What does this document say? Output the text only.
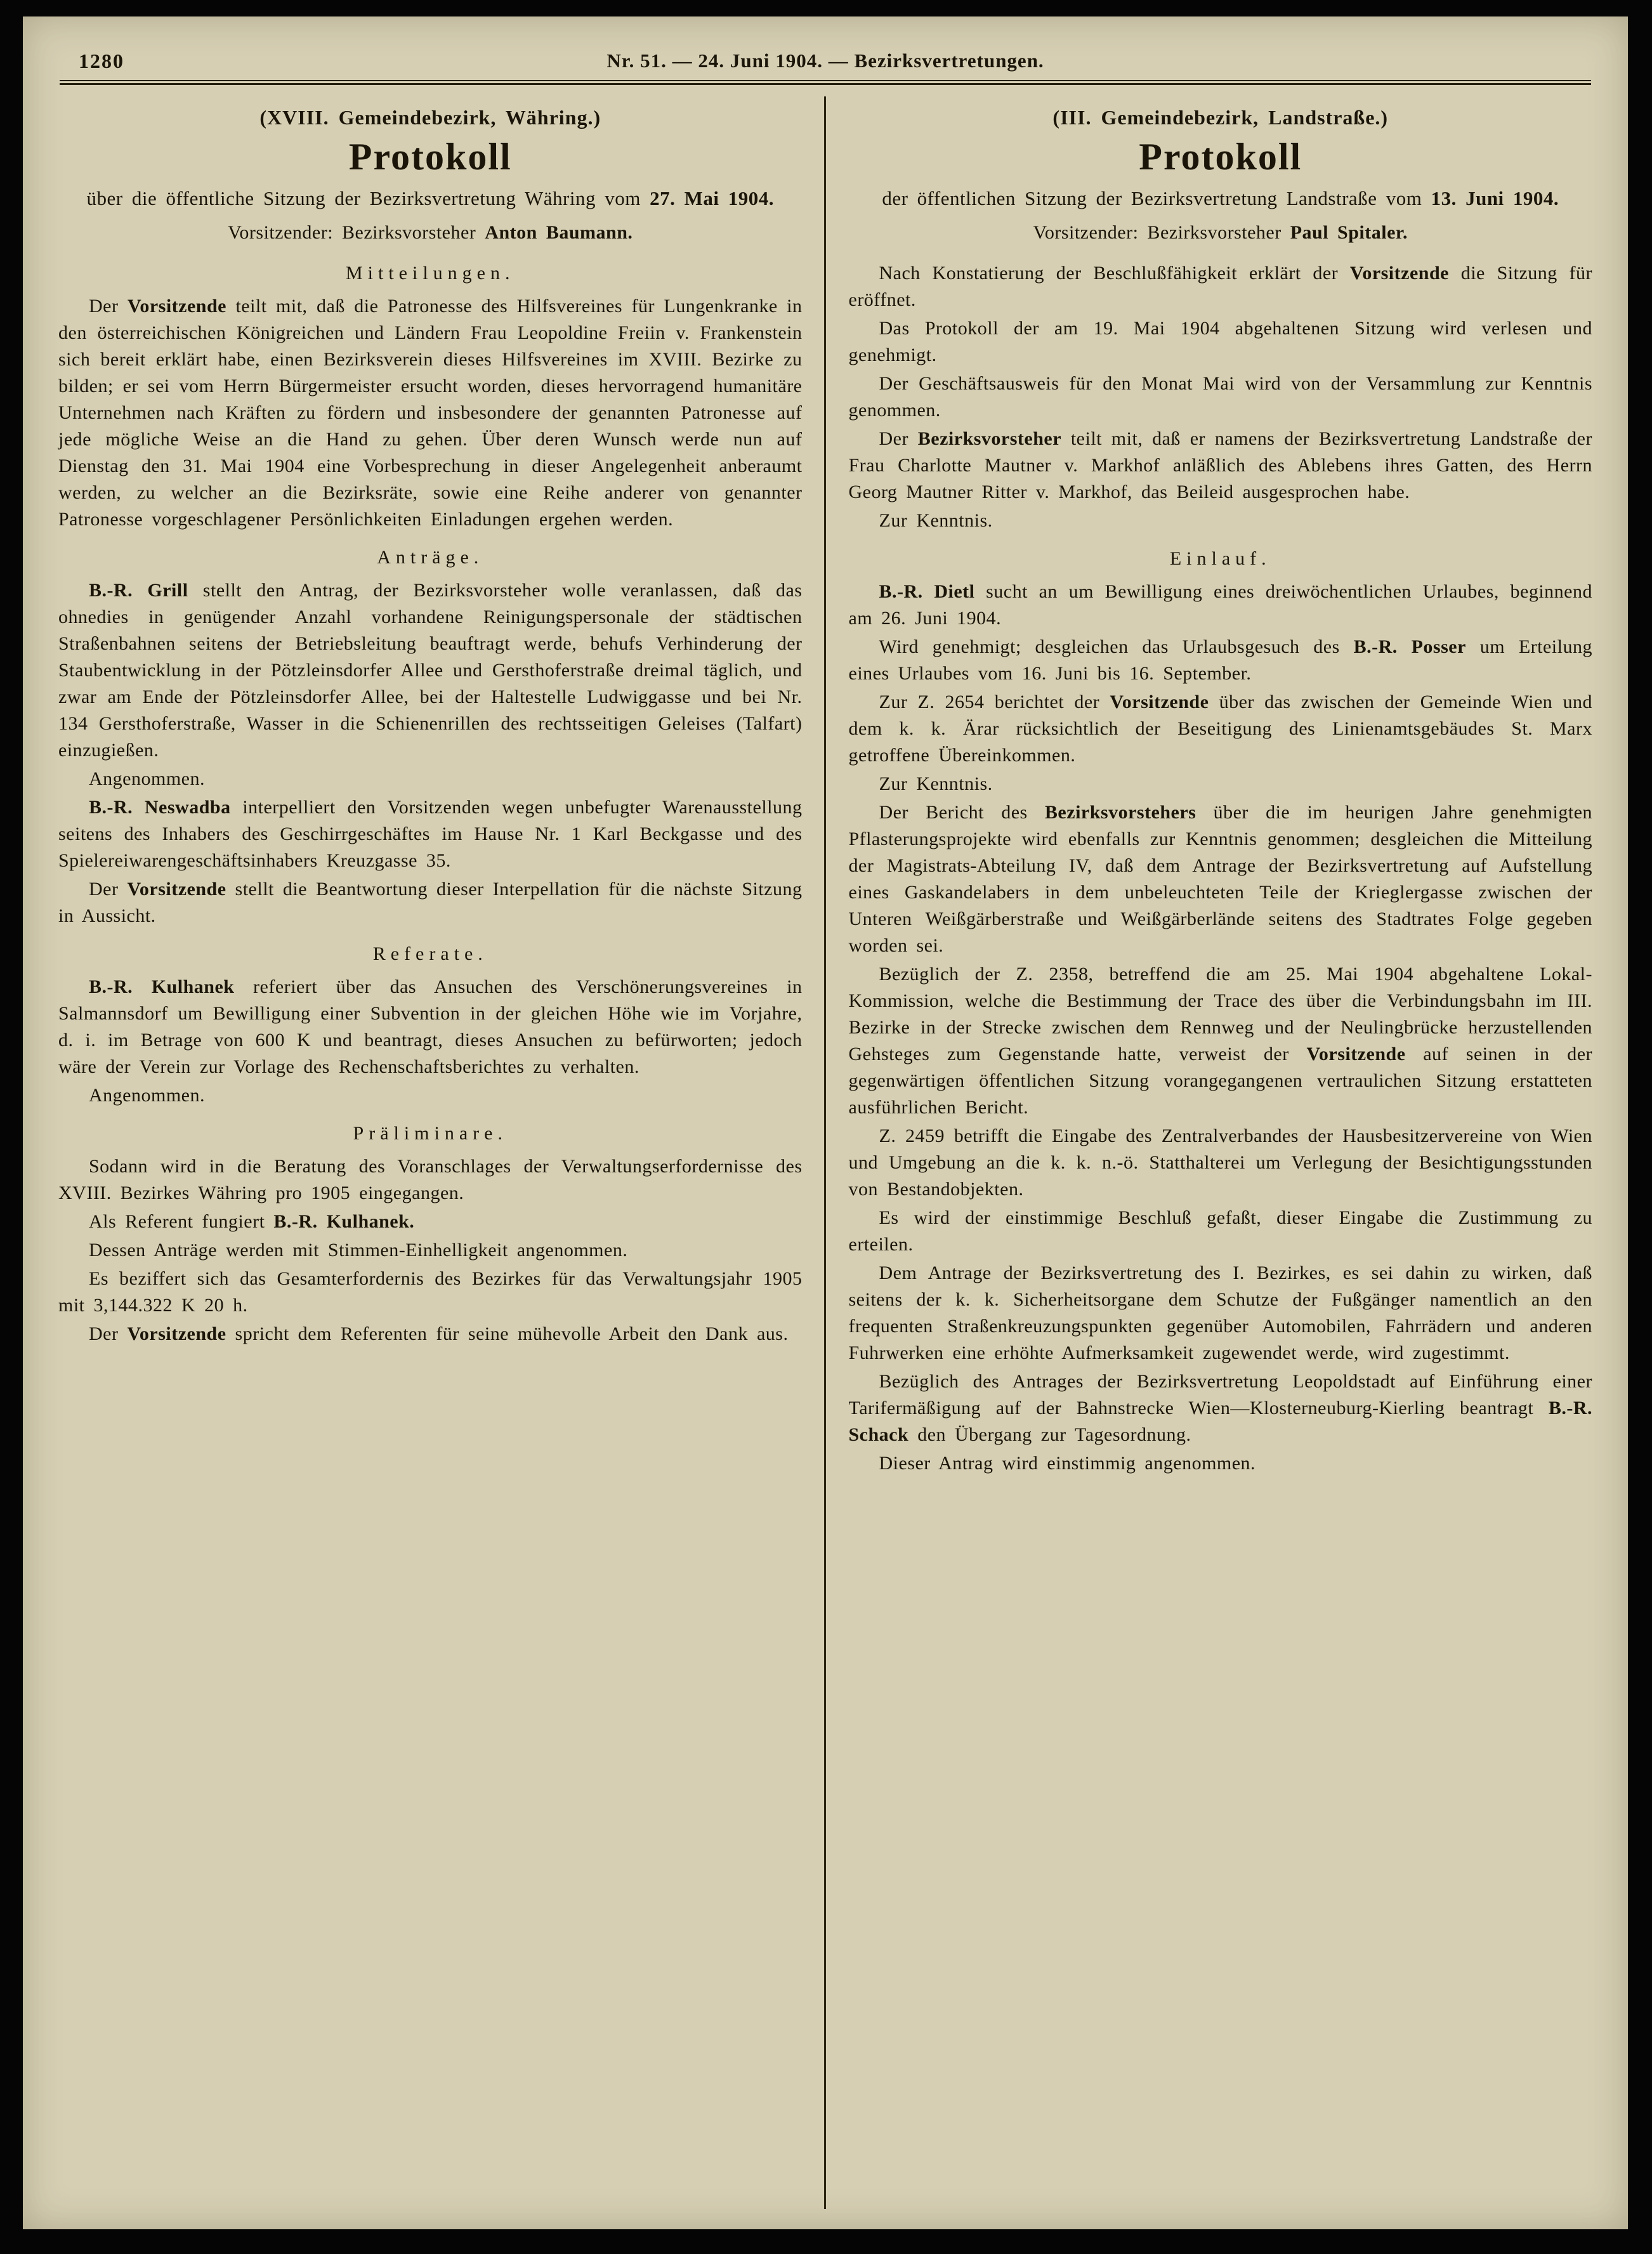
1280	Nr. 51. — 24. Juni 1904. — Bezirksvertretungen.
(XVIII. Gemeindebezirk, Währing.)
Protokoll
über die öffentliche Sitzung der Bezirksvertretung Währing vom 27. Mai 1904.
Vorsitzender: Bezirksvorsteher Anton Baumann.
Mitteilungen.

Der Vorsitzende teilt mit, daß die Patronesse des Hilfsvereines für Lungenkranke in den österreichischen Königreichen und Ländern Frau Leopoldine Freiin v. Frankenstein sich bereit erklärt habe, einen Bezirksverein dieses Hilfsvereines im XVIII. Bezirke zu bilden; er sei vom Herrn Bürgermeister ersucht worden, dieses hervorragend humanitäre Unternehmen nach Kräften zu fördern und insbesondere der genannten Patronesse auf jede mögliche Weise an die Hand zu gehen. Über deren Wunsch werde nun auf Dienstag den 31. Mai 1904 eine Vorbesprechung in dieser Angelegenheit anberaumt werden, zu welcher an die Bezirksräte, sowie eine Reihe anderer von genannter Patronesse vorgeschlagener Persönlichkeiten Einladungen ergehen werden.

Anträge.

B.-R. Grill stellt den Antrag, der Bezirksvorsteher wolle veranlassen, daß das ohnedies in genügender Anzahl vorhandene Reinigungspersonale der städtischen Straßenbahnen seitens der Betriebsleitung beauftragt werde, behufs Verhinderung der Staubentwicklung in der Pötzleinsdorfer Allee und Gersthoferstraße dreimal täglich, und zwar am Ende der Pötzleinsdorfer Allee, bei der Haltestelle Ludwiggasse und bei Nr. 134 Gersthoferstraße, Wasser in die Schienenrillen des rechtsseitigen Geleises (Talfart) einzugießen.

Angenommen.

B.-R. Neswadba interpelliert den Vorsitzenden wegen unbefugter Warenausstellung seitens des Inhabers des Geschirrgeschäftes im Hause Nr. 1 Karl Beckgasse und des Spielereiwarengeschäftsinhabers Kreuzgasse 35.

Der Vorsitzende stellt die Beantwortung dieser Interpellation für die nächste Sitzung in Aussicht.

Referate.

B.-R. Kulhanek referiert über das Ansuchen des Verschönerungsvereines in Salmannsdorf um Bewilligung einer Subvention in der gleichen Höhe wie im Vorjahre, d. i. im Betrage von 600 K und beantragt, dieses Ansuchen zu befürworten; jedoch wäre der Verein zur Vorlage des Rechenschaftsberichtes zu verhalten.

Angenommen.

Präliminare.

Sodann wird in die Beratung des Voranschlages der Verwaltungserfordernisse des XVIII. Bezirkes Währing pro 1905 eingegangen.

Als Referent fungiert B.-R. Kulhanek.

Dessen Anträge werden mit Stimmen-Einhelligkeit angenommen.

Es beziffert sich das Gesamterfordernis des Bezirkes für das Verwaltungsjahr 1905 mit 3,144.322 K 20 h.

Der Vorsitzende spricht dem Referenten für seine mühevolle Arbeit den Dank aus.

(III. Gemeindebezirk, Landstraße.)
Protokoll
der öffentlichen Sitzung der Bezirksvertretung Landstraße vom 13. Juni 1904.
Vorsitzender: Bezirksvorsteher Paul Spitaler.

Nach Konstatierung der Beschlußfähigkeit erklärt der Vorsitzende die Sitzung für eröffnet.

Das Protokoll der am 19. Mai 1904 abgehaltenen Sitzung wird verlesen und genehmigt.

Der Geschäftsausweis für den Monat Mai wird von der Versammlung zur Kenntnis genommen.

Der Bezirksvorsteher teilt mit, daß er namens der Bezirksvertretung Landstraße der Frau Charlotte Mautner v. Markhof anläßlich des Ablebens ihres Gatten, des Herrn Georg Mautner Ritter v. Markhof, das Beileid ausgesprochen habe.

Zur Kenntnis.

Einlauf.

B.-R. Dietl sucht an um Bewilligung eines dreiwöchentlichen Urlaubes, beginnend am 26. Juni 1904.

Wird genehmigt; desgleichen das Urlaubsgesuch des B.-R. Posser um Erteilung eines Urlaubes vom 16. Juni bis 16. September.

Zur Z. 2654 berichtet der Vorsitzende über das zwischen der Gemeinde Wien und dem k. k. Ärar rücksichtlich der Beseitigung des Linienamtsgebäudes St. Marx getroffene Übereinkommen.

Zur Kenntnis.

Der Bericht des Bezirksvorstehers über die im heurigen Jahre genehmigten Pflasterungsprojekte wird ebenfalls zur Kenntnis genommen; desgleichen die Mitteilung der Magistrats-Abteilung IV, daß dem Antrage der Bezirksvertretung auf Aufstellung eines Gaskandelabers in dem unbeleuchteten Teile der Krieglergasse zwischen der Unteren Weißgärberstraße und Weißgärberlände seitens des Stadtrates Folge gegeben worden sei.

Bezüglich der Z. 2358, betreffend die am 25. Mai 1904 abgehaltene Lokal-Kommission, welche die Bestimmung der Trace des über die Verbindungsbahn im III. Bezirke in der Strecke zwischen dem Rennweg und der Neulingbrücke herzustellenden Gehsteges zum Gegenstande hatte, verweist der Vorsitzende auf seinen in der gegenwärtigen öffentlichen Sitzung vorangegangenen vertraulichen Sitzung erstatteten ausführlichen Bericht.

Z. 2459 betrifft die Eingabe des Zentralverbandes der Hausbesitzervereine von Wien und Umgebung an die k. k. n.-ö. Statthalterei um Verlegung der Besichtigungsstunden von Bestandobjekten.

Es wird der einstimmige Beschluß gefaßt, dieser Eingabe die Zustimmung zu erteilen.

Dem Antrage der Bezirksvertretung des I. Bezirkes, es sei dahin zu wirken, daß seitens der k. k. Sicherheitsorgane dem Schutze der Fußgänger namentlich an den frequenten Straßenkreuzungspunkten gegenüber Automobilen, Fahrrädern und anderen Fuhrwerken eine erhöhte Aufmerksamkeit zugewendet werde, wird zugestimmt.

Bezüglich des Antrages der Bezirksvertretung Leopoldstadt auf Einführung einer Tarifermäßigung auf der Bahnstrecke Wien—Klosterneuburg-Kierling beantragt B.-R. Schack den Übergang zur Tagesordnung.

Dieser Antrag wird einstimmig angenommen.
